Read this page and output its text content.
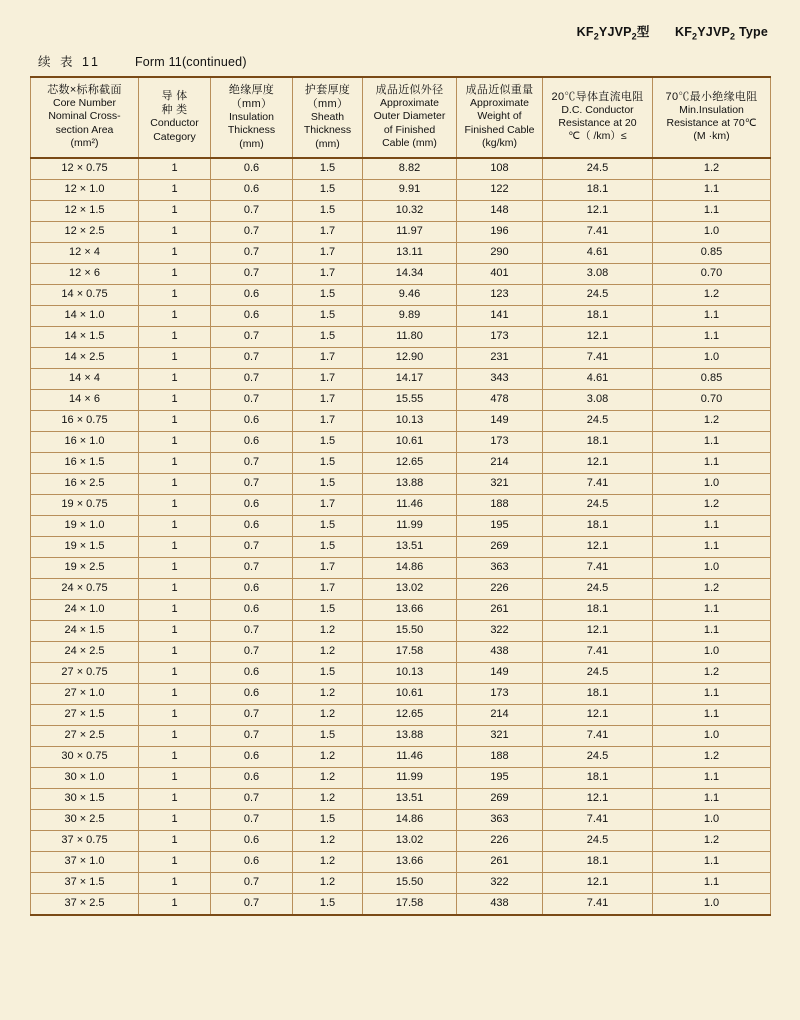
$KF_2YJVP_2$型 $KF_2YJVP_2$ Type
续 表 11	Form 11(continued)
芯数×标称截面
Core Number
Nominal Cross-
section Area
(mm²)	导 体
种 类
Conductor
Category	绝缘厚度
（mm）
Insulation
Thickness
(mm)	护套厚度
（mm）
Sheath
Thickness
(mm)	成品近似外径
Approximate
Outer Diameter
of Finished
Cable (mm)	成品近似重量
Approximate
Weight of
Finished Cable
(kg/km)	20℃导体直流电阻
D.C. Conductor
Resistance at 20
℃（ /km）≤	70℃最小绝缘电阻
Min.Insulation
Resistance at 70℃
(M ·km)

12 × 0.75	1	0.6	1.5	8.82	108	24.5	1.2
12 × 1.0	1	0.6	1.5	9.91	122	18.1	1.1
12 × 1.5	1	0.7	1.5	10.32	148	12.1	1.1
12 × 2.5	1	0.7	1.7	11.97	196	7.41	1.0
12 × 4	1	0.7	1.7	13.11	290	4.61	0.85
12 × 6	1	0.7	1.7	14.34	401	3.08	0.70
14 × 0.75	1	0.6	1.5	9.46	123	24.5	1.2
14 × 1.0	1	0.6	1.5	9.89	141	18.1	1.1
14 × 1.5	1	0.7	1.5	11.80	173	12.1	1.1
14 × 2.5	1	0.7	1.7	12.90	231	7.41	1.0
14 × 4	1	0.7	1.7	14.17	343	4.61	0.85
14 × 6	1	0.7	1.7	15.55	478	3.08	0.70
16 × 0.75	1	0.6	1.7	10.13	149	24.5	1.2
16 × 1.0	1	0.6	1.5	10.61	173	18.1	1.1
16 × 1.5	1	0.7	1.5	12.65	214	12.1	1.1
16 × 2.5	1	0.7	1.5	13.88	321	7.41	1.0
19 × 0.75	1	0.6	1.7	11.46	188	24.5	1.2
19 × 1.0	1	0.6	1.5	11.99	195	18.1	1.1
19 × 1.5	1	0.7	1.5	13.51	269	12.1	1.1
19 × 2.5	1	0.7	1.7	14.86	363	7.41	1.0
24 × 0.75	1	0.6	1.7	13.02	226	24.5	1.2
24 × 1.0	1	0.6	1.5	13.66	261	18.1	1.1
24 × 1.5	1	0.7	1.2	15.50	322	12.1	1.1
24 × 2.5	1	0.7	1.2	17.58	438	7.41	1.0
27 × 0.75	1	0.6	1.5	10.13	149	24.5	1.2
27 × 1.0	1	0.6	1.2	10.61	173	18.1	1.1
27 × 1.5	1	0.7	1.2	12.65	214	12.1	1.1
27 × 2.5	1	0.7	1.5	13.88	321	7.41	1.0
30 × 0.75	1	0.6	1.2	11.46	188	24.5	1.2
30 × 1.0	1	0.6	1.2	11.99	195	18.1	1.1
30 × 1.5	1	0.7	1.2	13.51	269	12.1	1.1
30 × 2.5	1	0.7	1.5	14.86	363	7.41	1.0
37 × 0.75	1	0.6	1.2	13.02	226	24.5	1.2
37 × 1.0	1	0.6	1.2	13.66	261	18.1	1.1
37 × 1.5	1	0.7	1.2	15.50	322	12.1	1.1
37 × 2.5	1	0.7	1.5	17.58	438	7.41	1.0
